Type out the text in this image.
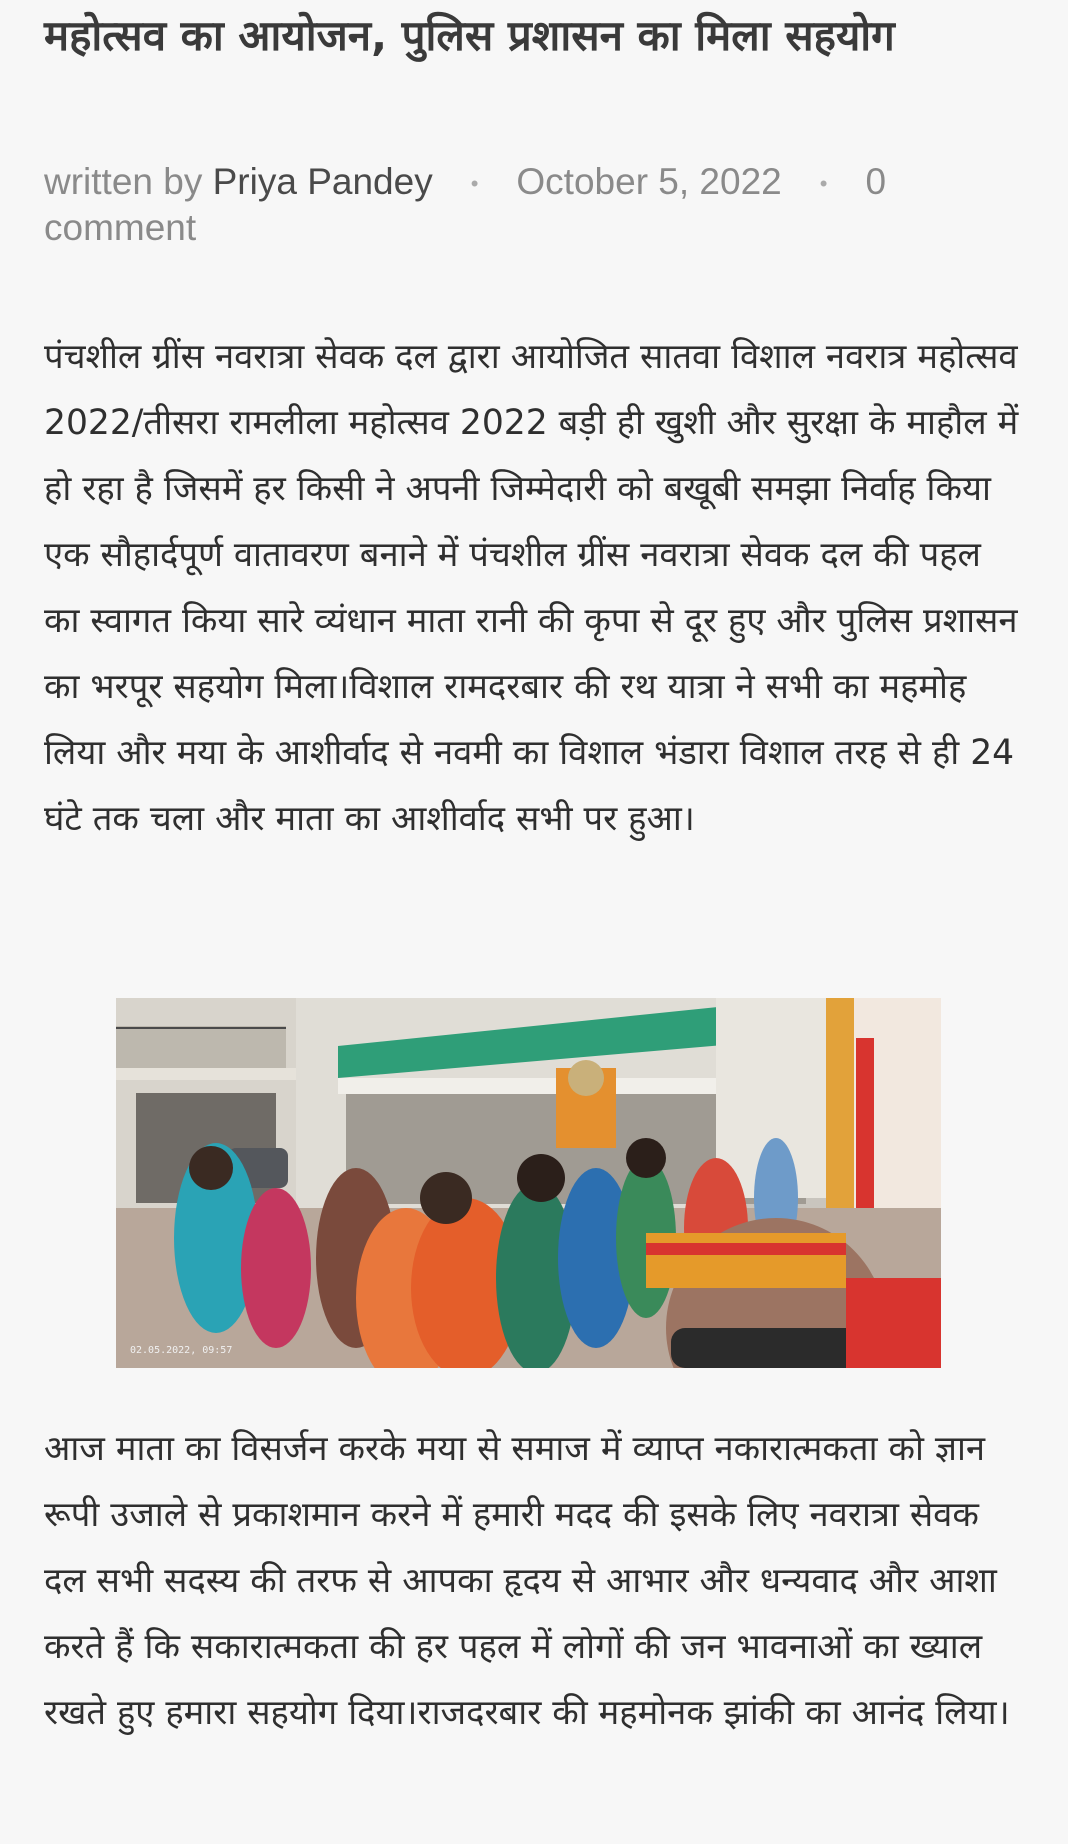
महोत्सव का आयोजन, पुलिस प्रशासन का मिला सहयोग
written by Priya Pandey • October 5, 2022 • 0 comment

पंचशील ग्रींस नवरात्रा सेवक दल द्वारा आयोजित सातवा विशाल नवरात्र महोत्सव 2022/तीसरा रामलीला महोत्सव 2022 बड़ी ही खुशी और सुरक्षा के माहौल में हो रहा है जिसमें हर किसी ने अपनी जिम्मेदारी को बखूबी समझा निर्वाह किया एक सौहार्दपूर्ण वातावरण बनाने में पंचशील ग्रींस नवरात्रा सेवक दल की पहल का स्वागत किया सारे व्यंधान माता रानी की कृपा से दूर हुए और पुलिस प्रशासन का भरपूर सहयोग मिला।विशाल रामदरबार की रथ यात्रा ने सभी का महमोह लिया और मया के आशीर्वाद से नवमी का विशाल भंडारा विशाल तरह से ही 24 घंटे तक चला और माता का आशीर्वाद सभी पर हुआ।

02.05.2022, 09:57

आज माता का विसर्जन करके मया से समाज में व्याप्त नकारात्मकता को ज्ञान रूपी उजाले से प्रकाशमान करने में हमारी मदद की इसके लिए नवरात्रा सेवक दल सभी सदस्य की तरफ से आपका हृदय से आभार और धन्यवाद और आशा करते हैं कि सकारात्मकता की हर पहल में लोगों की जन भावनाओं का ख्याल रखते हुए हमारा सहयोग दिया।राजदरबार की महमोनक झांकी का आनंद लिया।
